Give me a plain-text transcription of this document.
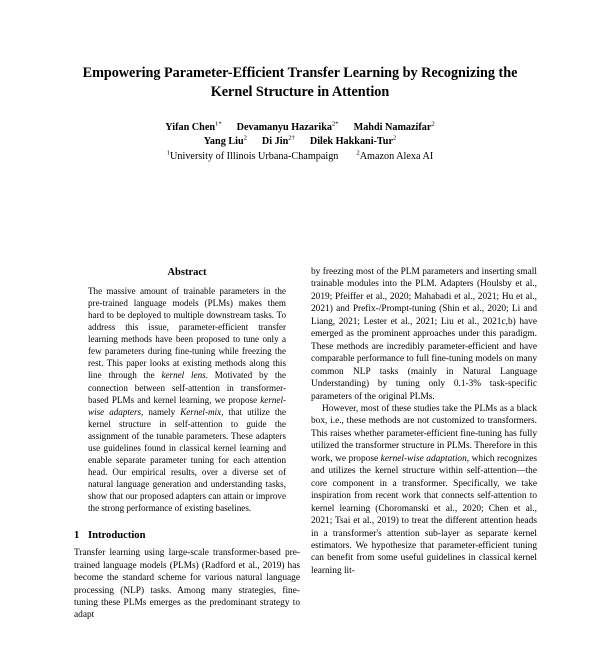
Empowering Parameter-Efficient Transfer Learning by Recognizing the Kernel Structure in Attention
Yifan Chen$^{1*}$ Devamanyu Hazarika$^{2*}$ Mahdi Namazifar$^2$
Yang Liu$^2$ Di Jin$^{2\dagger}$ Dilek Hakkani-Tur$^2$
$^1$University of Illinois Urbana-Champaign	$^2$Amazon Alexa AI
Abstract

The massive amount of trainable parameters in the pre-trained language models (PLMs) makes them hard to be deployed to multiple downstream tasks. To address this issue, parameter-efficient transfer learning methods have been proposed to tune only a few parameters during fine-tuning while freezing the rest. This paper looks at existing methods along this line through the kernel lens. Motivated by the connection between self-attention in transformer-based PLMs and kernel learning, we propose kernel-wise adapters, namely Kernel-mix, that utilize the kernel structure in self-attention to guide the assignment of the tunable parameters. These adapters use guidelines found in classical kernel learning and enable separate parameter tuning for each attention head. Our empirical results, over a diverse set of natural language generation and understanding tasks, show that our proposed adapters can attain or improve the strong performance of existing baselines.

1 Introduction

Transfer learning using large-scale transformer-based pre-trained language models (PLMs) (Radford et al., 2019) has become the standard scheme for various natural language processing (NLP) tasks. Among many strategies, fine-tuning these PLMs emerges as the predominant strategy to adapt

by freezing most of the PLM parameters and inserting small trainable modules into the PLM. Adapters (Houlsby et al., 2019; Pfeiffer et al., 2020; Mahabadi et al., 2021; Hu et al., 2021) and Prefix-/Prompt-tuning (Shin et al., 2020; Li and Liang, 2021; Lester et al., 2021; Liu et al., 2021c,b) have emerged as the prominent approaches under this paradigm. These methods are incredibly parameter-efficient and have comparable performance to full fine-tuning models on many common NLP tasks (mainly in Natural Language Understanding) by tuning only 0.1-3% task-specific parameters of the original PLMs.

However, most of these studies take the PLMs as a black box, i.e., these methods are not customized to transformers. This raises whether parameter-efficient fine-tuning has fully utilized the transformer structure in PLMs. Therefore in this work, we propose kernel-wise adaptation, which recognizes and utilizes the kernel structure within self-attention—the core component in a transformer. Specifically, we take inspiration from recent work that connects self-attention to kernel learning (Choromanski et al., 2020; Chen et al., 2021; Tsai et al., 2019) to treat the different attention heads in a transformer's attention sub-layer as separate kernel estimators. We hypothesize that parameter-efficient tuning can benefit from some useful guidelines in classical kernel learning lit-
